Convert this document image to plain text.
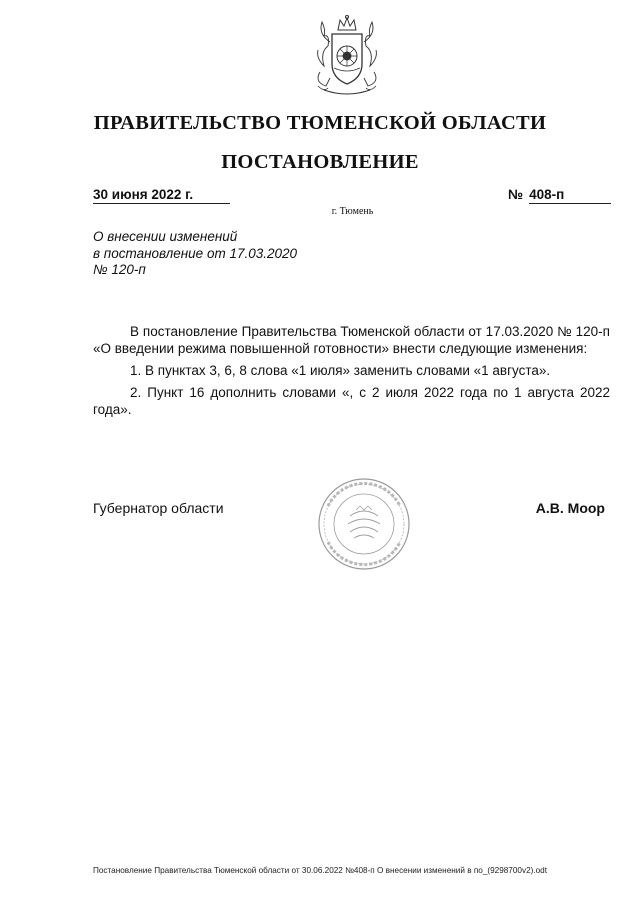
ПРАВИТЕЛЬСТВО ТЮМЕНСКОЙ ОБЛАСТИ
ПОСТАНОВЛЕНИЕ
30 июня 2022 г.	№ 408-п
г. Тюмень
О внесении изменений
в постановление от 17.03.2020
№ 120-п

В постановление Правительства Тюменской области от 17.03.2020 № 120-п «О введении режима повышенной готовности» внести следующие изменения:

1. В пунктах 3, 6, 8 слова «1 июля» заменить словами «1 августа».

2. Пункт 16 дополнить словами «, с 2 июля 2022 года по 1 августа 2022 года».

Губернатор области	А.В. Моор
Постановление Правительства Тюменской области от 30.06.2022 №408-п О внесении изменений в по_(9298700v2).odt
